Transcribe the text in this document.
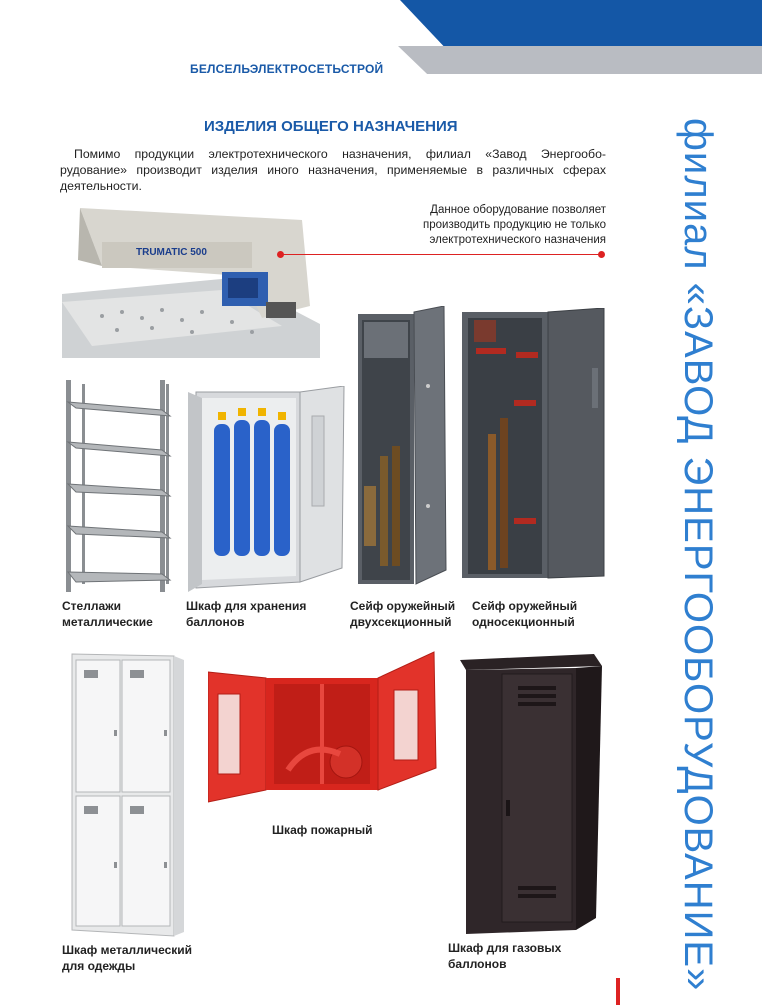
БЕЛСЕЛЬЭЛЕКТРОСЕТЬСТРОЙ
ИЗДЕЛИЯ ОБЩЕГО НАЗНАЧЕНИЯ

Помимо продукции электротехнического назначения, филиал «Завод Энергообо-рудование» производит изделия иного назначения, применяемые в различных сферах деятельности.

TRUMATIC 500
Данное оборудование позволяет
производить продукцию не только
электротехнического назначения
Стеллажи
металлические
Шкаф для хранения
баллонов
Сейф оружейный
двухсекционный
Сейф оружейный
односекционный
Шкаф металлический
для одежды
Шкаф пожарный
Шкаф для газовых
баллонов	филиал «ЗАВОД ЭНЕРГООБОРУДОВАНИЕ»
